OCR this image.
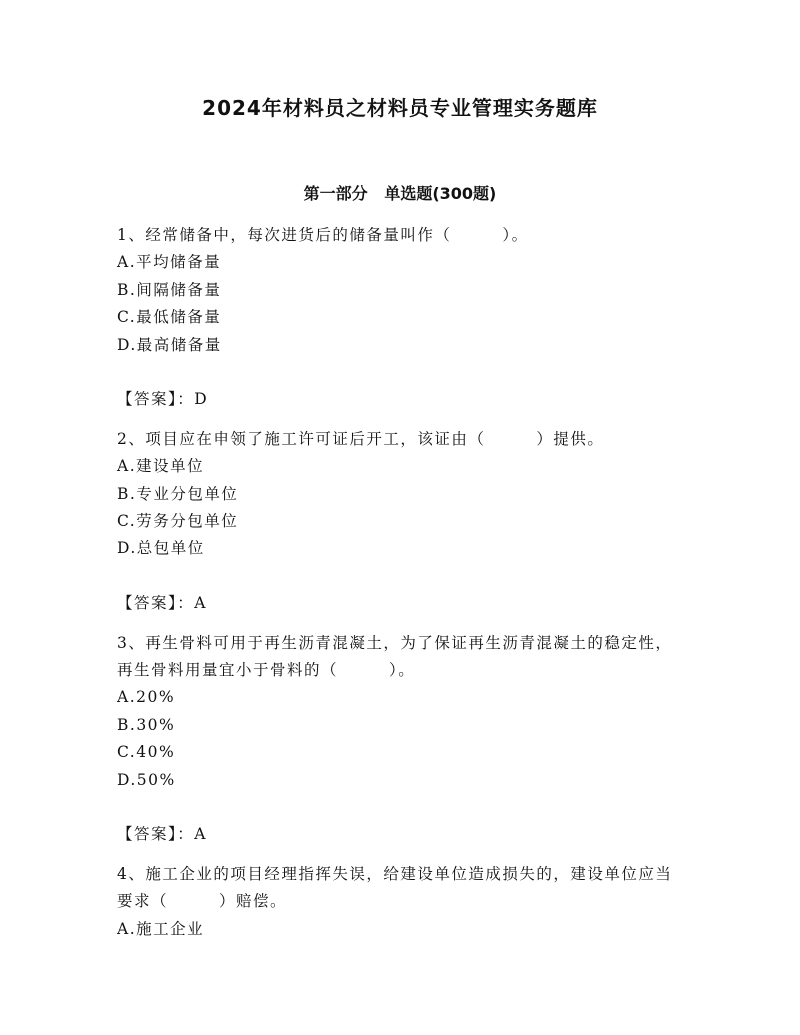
2024年材料员之材料员专业管理实务题库
第一部分   单选题(300题)

1、经常储备中，每次进货后的储备量叫作（　　　）。

A.平均储备量

B.间隔储备量

C.最低储备量

D.最高储备量

【答案】：D

2、项目应在申领了施工许可证后开工，该证由（　　　）提供。

A.建设单位

B.专业分包单位

C.劳务分包单位

D.总包单位

【答案】：A

3、再生骨料可用于再生沥青混凝土，为了保证再生沥青混凝土的稳定性，再生骨料用量宜小于骨料的（　　　）。

A.20%

B.30%

C.40%

D.50%

【答案】：A

4、施工企业的项目经理指挥失误，给建设单位造成损失的，建设单位应当要求（　　　）赔偿。

A.施工企业
